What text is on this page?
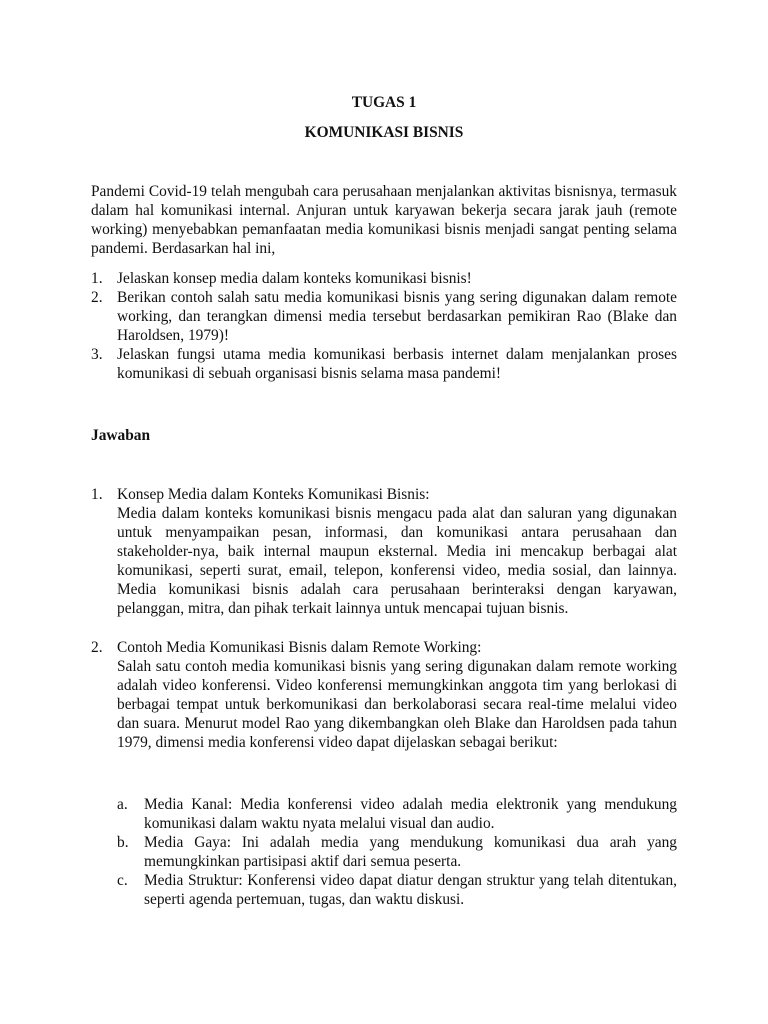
TUGAS 1
KOMUNIKASI BISNIS
Pandemi Covid-19 telah mengubah cara perusahaan menjalankan aktivitas bisnisnya, termasuk dalam hal komunikasi internal. Anjuran untuk karyawan bekerja secara jarak jauh (remote working) menyebabkan pemanfaatan media komunikasi bisnis menjadi sangat penting selama pandemi. Berdasarkan hal ini,
1. Jelaskan konsep media dalam konteks komunikasi bisnis!
2. Berikan contoh salah satu media komunikasi bisnis yang sering digunakan dalam remote working, dan terangkan dimensi media tersebut berdasarkan pemikiran Rao (Blake dan Haroldsen, 1979)!
3. Jelaskan fungsi utama media komunikasi berbasis internet dalam menjalankan proses komunikasi di sebuah organisasi bisnis selama masa pandemi!
Jawaban
1. Konsep Media dalam Konteks Komunikasi Bisnis:
Media dalam konteks komunikasi bisnis mengacu pada alat dan saluran yang digunakan untuk menyampaikan pesan, informasi, dan komunikasi antara perusahaan dan stakeholder-nya, baik internal maupun eksternal. Media ini mencakup berbagai alat komunikasi, seperti surat, email, telepon, konferensi video, media sosial, dan lainnya. Media komunikasi bisnis adalah cara perusahaan berinteraksi dengan karyawan, pelanggan, mitra, dan pihak terkait lainnya untuk mencapai tujuan bisnis.
2. Contoh Media Komunikasi Bisnis dalam Remote Working:
Salah satu contoh media komunikasi bisnis yang sering digunakan dalam remote working adalah video konferensi. Video konferensi memungkinkan anggota tim yang berlokasi di berbagai tempat untuk berkomunikasi dan berkolaborasi secara real-time melalui video dan suara. Menurut model Rao yang dikembangkan oleh Blake dan Haroldsen pada tahun 1979, dimensi media konferensi video dapat dijelaskan sebagai berikut:
a. Media Kanal: Media konferensi video adalah media elektronik yang mendukung komunikasi dalam waktu nyata melalui visual dan audio.
b. Media Gaya: Ini adalah media yang mendukung komunikasi dua arah yang memungkinkan partisipasi aktif dari semua peserta.
c. Media Struktur: Konferensi video dapat diatur dengan struktur yang telah ditentukan, seperti agenda pertemuan, tugas, dan waktu diskusi.
